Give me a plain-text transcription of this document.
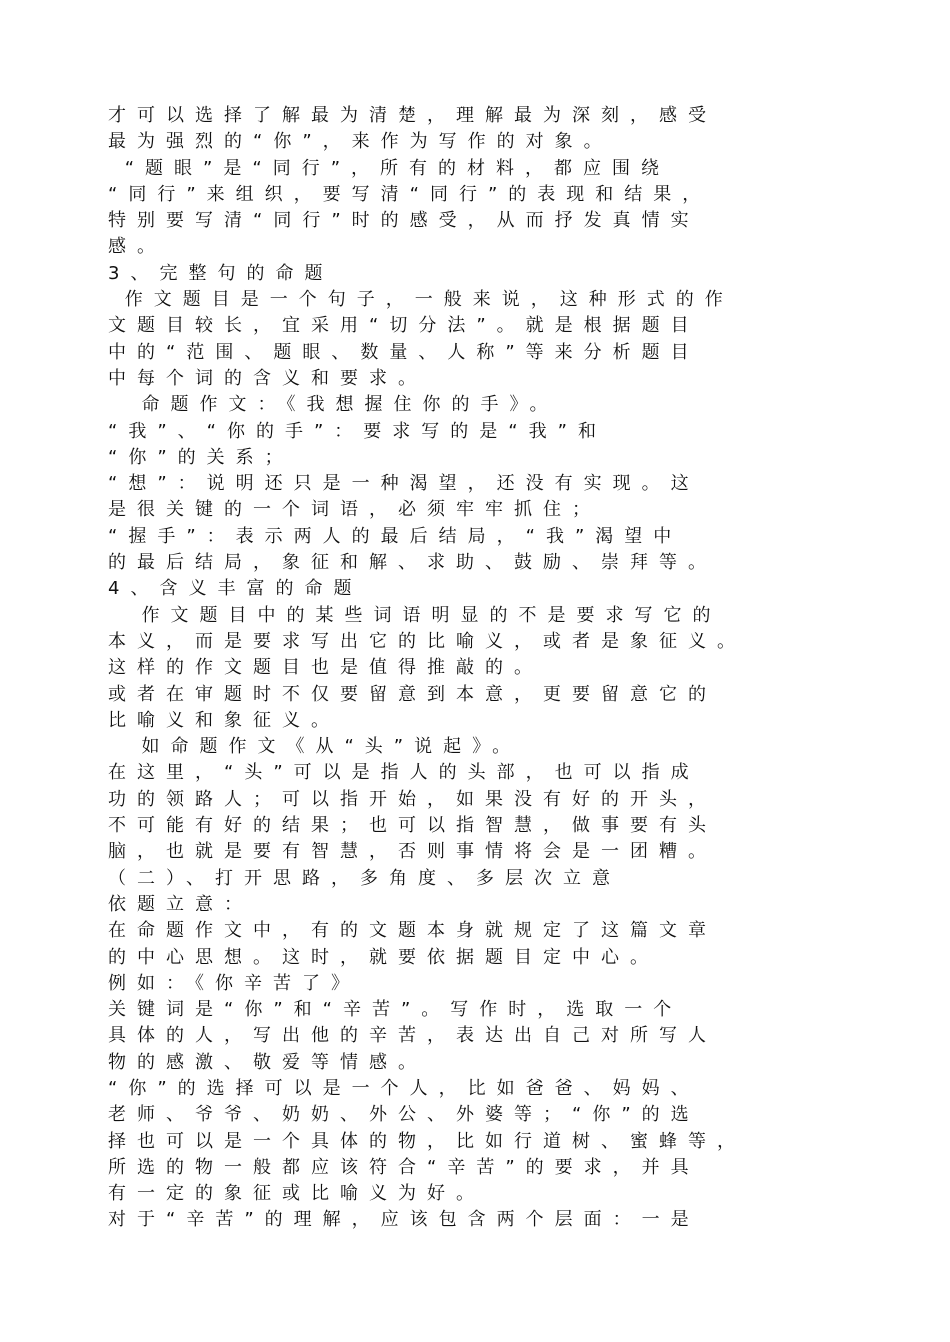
才可以选择了解最为清楚，理解最为深刻，感受

最为强烈的“你”，来作为写作的对象。

“题眼”是“同行”，所有的材料，都应围绕

“同行”来组织，要写清“同行”的表现和结果，

特别要写清“同行”时的感受，从而抒发真情实

感。

3、完整句的命题

作文题目是一个句子，一般来说，这种形式的作

文题目较长，宜采用“切分法”。就是根据题目

中的“范围、题眼、数量、人称”等来分析题目

中每个词的含义和要求。

命题作文：《我想握住你的手》。

“我”、“你的手”：要求写的是“我”和

“你”的关系；

“想”：说明还只是一种渴望，还没有实现。这

是很关键的一个词语，必须牢牢抓住；

“握手”：表示两人的最后结局，“我”渴望中

的最后结局，象征和解、求助、鼓励、崇拜等。

4、含义丰富的命题

作文题目中的某些词语明显的不是要求写它的

本义，而是要求写出它的比喻义，或者是象征义。

这样的作文题目也是值得推敲的。

或者在审题时不仅要留意到本意，更要留意它的

比喻义和象征义。

如命题作文《从“头”说起》。

在这里，“头”可以是指人的头部，也可以指成

功的领路人；可以指开始，如果没有好的开头，

不可能有好的结果；也可以指智慧，做事要有头

脑，也就是要有智慧，否则事情将会是一团糟。

（二）、打开思路，多角度、多层次立意

依题立意：

在命题作文中，有的文题本身就规定了这篇文章

的中心思想。这时，就要依据题目定中心。

例如：《你辛苦了》

关键词是“你”和“辛苦”。写作时，选取一个

具体的人，写出他的辛苦，表达出自己对所写人

物的感激、敬爱等情感。

“你”的选择可以是一个人，比如爸爸、妈妈、

老师、爷爷、奶奶、外公、外婆等；“你”的选

择也可以是一个具体的物，比如行道树、蜜蜂等，

所选的物一般都应该符合“辛苦”的要求，并具

有一定的象征或比喻义为好。

对于“辛苦”的理解，应该包含两个层面：一是
